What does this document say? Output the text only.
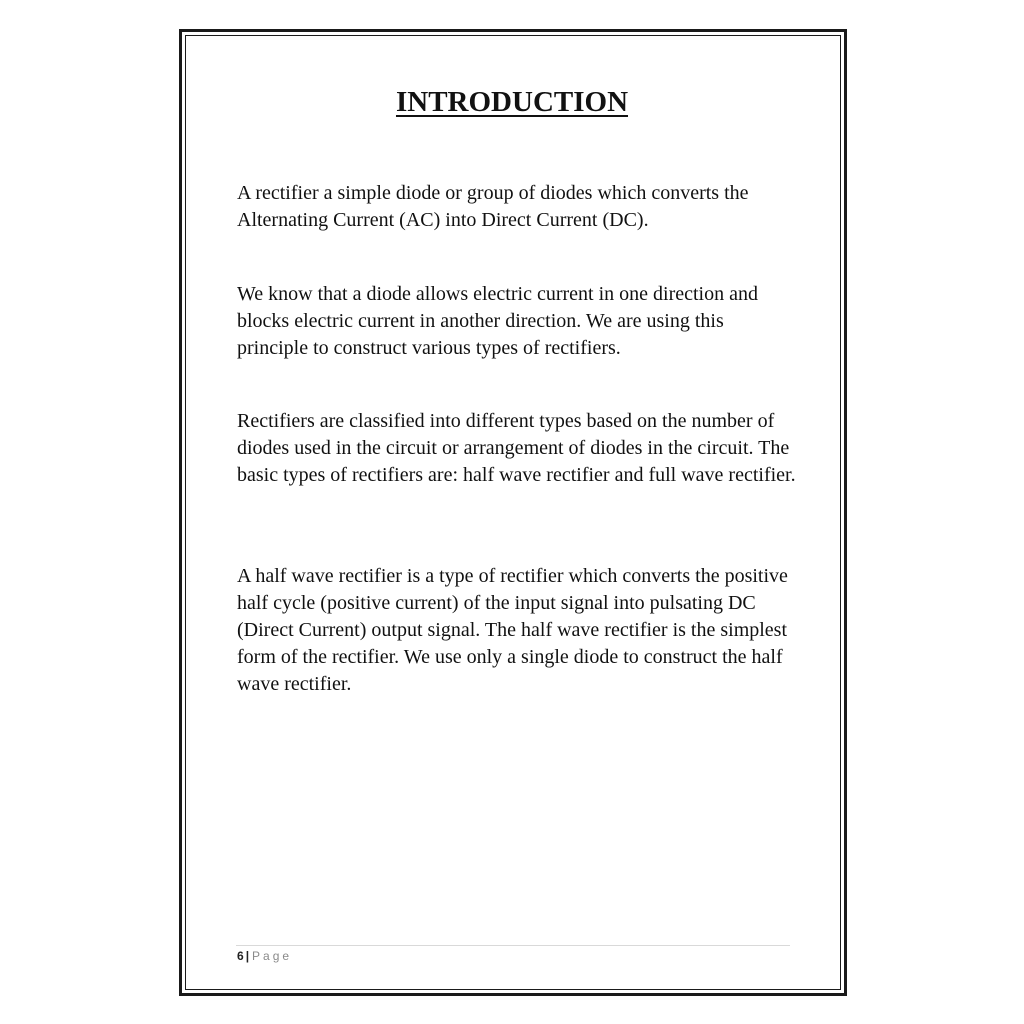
INTRODUCTION

A rectifier a simple diode or group of diodes which converts the Alternating Current (AC) into Direct Current (DC).

We know that a diode allows electric current in one direction and blocks electric current in another direction. We are using this principle to construct various types of rectifiers.

Rectifiers are classified into different types based on the number of diodes used in the circuit or arrangement of diodes in the circuit. The basic types of rectifiers are: half wave rectifier and full wave rectifier.

A half wave rectifier is a type of rectifier which converts the positive half cycle (positive current) of the input signal into pulsating DC (Direct Current) output signal. The half wave rectifier is the simplest form of the rectifier. We use only a single diode to construct the half wave rectifier.

6 | Page
